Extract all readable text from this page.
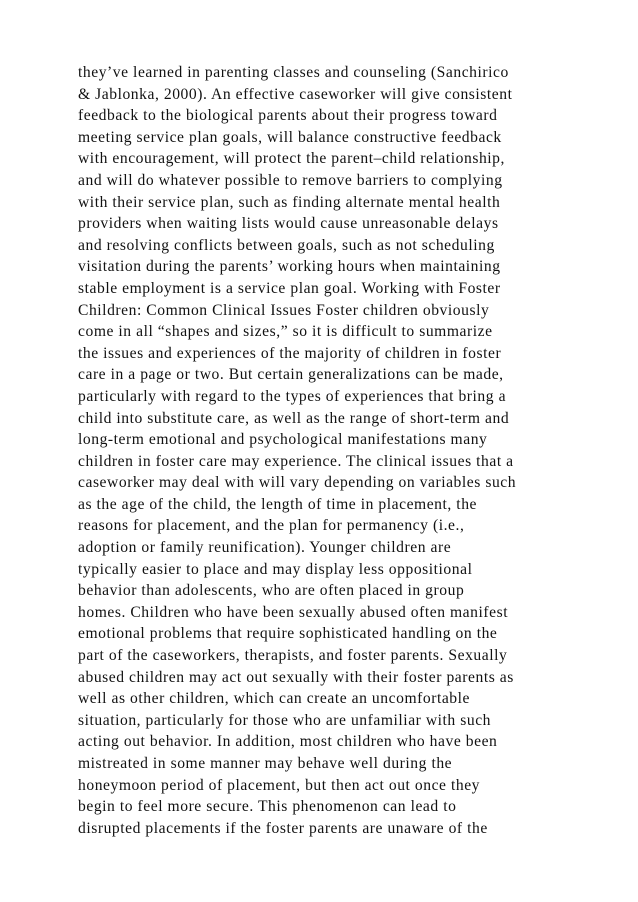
they’ve learned in parenting classes and counseling (Sanchirico
& Jablonka, 2000). An effective caseworker will give consistent
feedback to the biological parents about their progress toward
meeting service plan goals, will balance constructive feedback
with encouragement, will protect the parent–child relationship,
and will do whatever possible to remove barriers to complying
with their service plan, such as finding alternate mental health
providers when waiting lists would cause unreasonable delays
and resolving conflicts between goals, such as not scheduling
visitation during the parents’ working hours when maintaining
stable employment is a service plan goal. Working with Foster
Children: Common Clinical Issues Foster children obviously
come in all “shapes and sizes,” so it is difficult to summarize
the issues and experiences of the majority of children in foster
care in a page or two. But certain generalizations can be made,
particularly with regard to the types of experiences that bring a
child into substitute care, as well as the range of short-term and
long-term emotional and psychological manifestations many
children in foster care may experience. The clinical issues that a
caseworker may deal with will vary depending on variables such
as the age of the child, the length of time in placement, the
reasons for placement, and the plan for permanency (i.e.,
adoption or family reunification). Younger children are
typically easier to place and may display less oppositional
behavior than adolescents, who are often placed in group
homes. Children who have been sexually abused often manifest
emotional problems that require sophisticated handling on the
part of the caseworkers, therapists, and foster parents. Sexually
abused children may act out sexually with their foster parents as
well as other children, which can create an uncomfortable
situation, particularly for those who are unfamiliar with such
acting out behavior. In addition, most children who have been
mistreated in some manner may behave well during the
honeymoon period of placement, but then act out once they
begin to feel more secure. This phenomenon can lead to
disrupted placements if the foster parents are unaware of the
